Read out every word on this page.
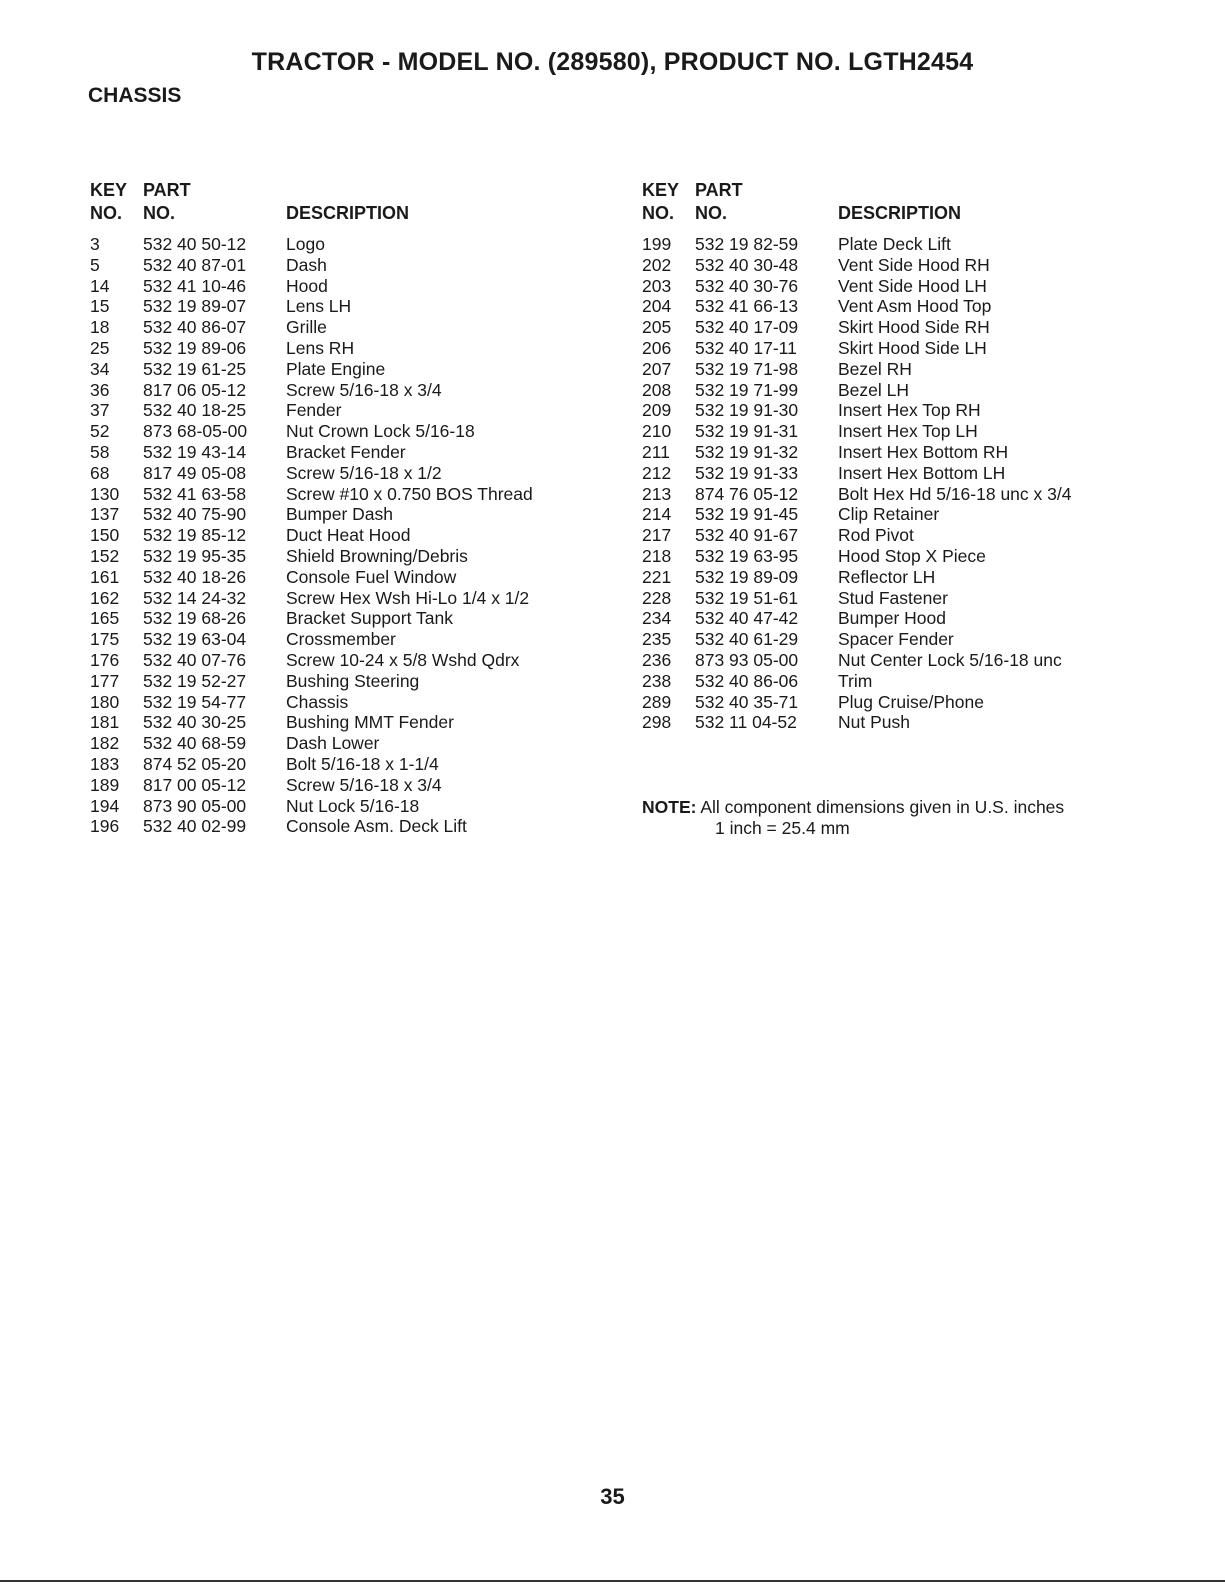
TRACTOR - MODEL NO. (289580), PRODUCT NO. LGTH2454
CHASSIS
KEY
NO.
PART
NO.	DESCRIPTION
3 532 40 50-12 Logo
5 532 40 87-01 Dash
14 532 41 10-46 Hood
15 532 19 89-07 Lens LH
18 532 40 86-07 Grille
25 532 19 89-06 Lens RH
34 532 19 61-25 Plate Engine
36 817 06 05-12 Screw 5/16-18 x 3/4
37 532 40 18-25 Fender
52 873 68-05-00 Nut Crown Lock 5/16-18
58 532 19 43-14 Bracket Fender
68 817 49 05-08 Screw 5/16-18 x 1/2
130 532 41 63-58 Screw #10 x 0.750 BOS Thread
137 532 40 75-90 Bumper Dash
150 532 19 85-12 Duct Heat Hood
152 532 19 95-35 Shield Browning/Debris
161 532 40 18-26 Console Fuel Window
162 532 14 24-32 Screw Hex Wsh Hi-Lo 1/4 x 1/2
165 532 19 68-26 Bracket Support Tank
175 532 19 63-04 Crossmember
176 532 40 07-76 Screw 10-24 x 5/8 Wshd Qdrx
177 532 19 52-27 Bushing Steering
180 532 19 54-77 Chassis
181 532 40 30-25 Bushing MMT Fender
182 532 40 68-59 Dash Lower
183 874 52 05-20 Bolt 5/16-18 x 1-1/4
189 817 00 05-12 Screw 5/16-18 x 3/4
194 873 90 05-00 Nut Lock 5/16-18
196 532 40 02-99 Console Asm. Deck Lift
KEY
NO.
PART
NO.	DESCRIPTION
199 532 19 82-59 Plate Deck Lift
202 532 40 30-48 Vent Side Hood RH
203 532 40 30-76 Vent Side Hood LH
204 532 41 66-13 Vent Asm Hood Top
205 532 40 17-09 Skirt Hood Side RH
206 532 40 17-11 Skirt Hood Side LH
207 532 19 71-98 Bezel RH
208 532 19 71-99 Bezel LH
209 532 19 91-30 Insert Hex Top RH
210 532 19 91-31 Insert Hex Top LH
211 532 19 91-32 Insert Hex Bottom RH
212 532 19 91-33 Insert Hex Bottom LH
213 874 76 05-12 Bolt Hex Hd 5/16-18 unc x 3/4
214 532 19 91-45 Clip Retainer
217 532 40 91-67 Rod Pivot
218 532 19 63-95 Hood Stop X Piece
221 532 19 89-09 Reflector LH
228 532 19 51-61 Stud Fastener
234 532 40 47-42 Bumper Hood
235 532 40 61-29 Spacer Fender
236 873 93 05-00 Nut Center Lock 5/16-18 unc
238 532 40 86-06 Trim
289 532 40 35-71 Plug Cruise/Phone
298 532 11 04-52 Nut Push
NOTE: All component dimensions given in U.S. inches
1 inch = 25.4 mm
35
